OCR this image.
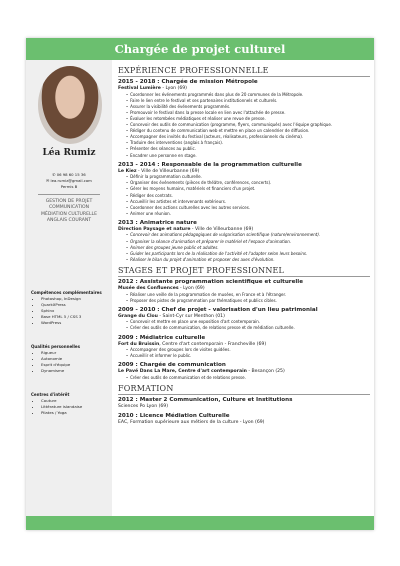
Chargée de projet culturel
Léa Rumiz
✆ 06 98 60 15 36
✉ lea.rumiz@gmail.com
Permis B
GESTION DE PROJET
COMMUNICATION
MÉDIATION CULTURELLE
ANGLAIS COURANT
Compétences complémentaires
• Photoshop, InDesign
• QuarkXPress
• Sphinx
• Base HTML 5 / CSS 3
• WordPress
Qualités personnelles
• Rigueur
• Autonomie
• Esprit d'équipe
• Dynamisme
Centres d'intérêt
• Couture
• Littérature islandaise
• Pilates / Yoga
EXPÉRIENCE PROFESSIONNELLE
2015 - 2018 : Chargée de mission Métropole
Festival Lumière - Lyon (69)
• Coordonner les événements programmés dans plus de 20 communes de la Métropole.
• Faire le lien entre le festival et ses partenaires institutionnels et culturels.
• Assurer la visibilité des événements programmés.
• Promouvoir le festival dans la presse locale en lien avec l'attachée de presse.
• Évaluer les retombées médiatiques et réaliser une revue de presse.
• Concevoir des outils de communication (programme, flyers, communiqués) avec l'équipe graphique.
• Rédiger du contenu de communication web et mettre en place un calendrier de diffusion.
• Accompagner des invités du festival (acteurs, réalisateurs, professionnels du cinéma).
• Traduire des interventions (anglais à français).
• Présenter des séances au public.
• Encadrer une personne en stage.
2013 - 2014 : Responsable de la programmation culturelle
Le Kiez - Ville de Villeurbanne (69)
• Définir la programmation culturelle.
• Organiser des événements (pièces de théâtre, conférences, concerts).
• Gérer les moyens humains, matériels et financiers d'un projet.
• Rédiger des contrats.
• Accueillir les artistes et intervenants extérieurs.
• Coordonner des actions culturelles avec les autres services.
• Animer une réunion.
2013 : Animatrice nature
Direction Paysage et nature - Ville de Villeurbanne (69)
• Concevoir des animations pédagogiques de vulgarisation scientifique (nature/environnement).
• Organiser la séance d'animation et préparer le matériel et l'espace d'animation.
• Animer des groupes jeune public et adultes.
• Guider les participants lors de la réalisation de l'activité et l'adapter selon leurs besoins.
• Réaliser le bilan du projet d'animation et proposer des axes d'évolution.
STAGES ET PROJET PROFESSIONNEL
2012 : Assistante programmation scientifique et culturelle
Musée des Confluences - Lyon (69)
• Réaliser une veille de la programmation de musées, en France et à l'étranger.
• Proposer des pistes de programmation par thématiques et publics cibles.
2009 - 2010 : Chef de projet - valorisation d'un lieu patrimonial
Grange du Clou - Saint-Cyr sur Menthon (01)
• Concevoir et mettre en place une exposition d'art contemporain.
• Créer des outils de communication, de relations presse et de médiation culturelle.
2009 : Médiatrice culturelle
Fort du Bruissin, Centre d'art contemporain - Francheville (69)
• Accompagner des groupes lors de visites guidées.
• Accueillir et informer le public.
2009 : Chargée de communication
Le Pavé Dans La Mare, Centre d'art contemporain - Besançon (25)
• Créer des outils de communication et de relations presse.
FORMATION
2012 : Master 2 Communication, Culture et Institutions
Sciences Po Lyon (69)
2010 : Licence Médiation Culturelle
EAC, Formation supérieure aux métiers de la culture - Lyon (69)
